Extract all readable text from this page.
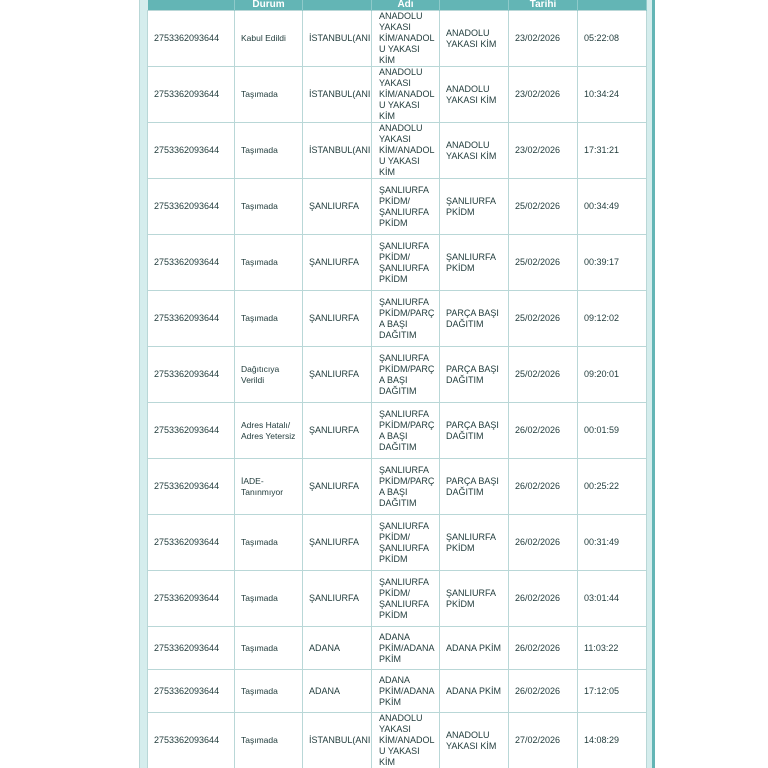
	Durum		Adı		Tarihi	
2753362093644	Kabul Edildi	İSTANBUL(ANI	ANADOLU YAKASI KİM/ANADOLU YAKASI KİM	ANADOLU YAKASI KİM	23/02/2026	05:22:08
2753362093644	Taşımada	İSTANBUL(ANI	ANADOLU YAKASI KİM/ANADOLU YAKASI KİM	ANADOLU YAKASI KİM	23/02/2026	10:34:24
2753362093644	Taşımada	İSTANBUL(ANI	ANADOLU YAKASI KİM/ANADOLU YAKASI KİM	ANADOLU YAKASI KİM	23/02/2026	17:31:21
2753362093644	Taşımada	ŞANLIURFA	ŞANLIURFA PKİDM/ ŞANLIURFA PKİDM	ŞANLIURFA PKİDM	25/02/2026	00:34:49
2753362093644	Taşımada	ŞANLIURFA	ŞANLIURFA PKİDM/ ŞANLIURFA PKİDM	ŞANLIURFA PKİDM	25/02/2026	00:39:17
2753362093644	Taşımada	ŞANLIURFA	ŞANLIURFA PKİDM/PARÇA BAŞI DAĞITIM	PARÇA BAŞI DAĞITIM	25/02/2026	09:12:02
2753362093644	Dağıtıcıya Verildi	ŞANLIURFA	ŞANLIURFA PKİDM/PARÇA BAŞI DAĞITIM	PARÇA BAŞI DAĞITIM	25/02/2026	09:20:01
2753362093644	Adres Hatalı/ Adres Yetersiz	ŞANLIURFA	ŞANLIURFA PKİDM/PARÇA BAŞI DAĞITIM	PARÇA BAŞI DAĞITIM	26/02/2026	00:01:59
2753362093644	İADE-Tanınmıyor	ŞANLIURFA	ŞANLIURFA PKİDM/PARÇA BAŞI DAĞITIM	PARÇA BAŞI DAĞITIM	26/02/2026	00:25:22
2753362093644	Taşımada	ŞANLIURFA	ŞANLIURFA PKİDM/ ŞANLIURFA PKİDM	ŞANLIURFA PKİDM	26/02/2026	00:31:49
2753362093644	Taşımada	ŞANLIURFA	ŞANLIURFA PKİDM/ ŞANLIURFA PKİDM	ŞANLIURFA PKİDM	26/02/2026	03:01:44
2753362093644	Taşımada	ADANA	ADANA PKİM/ADANA PKİM	ADANA PKİM	26/02/2026	11:03:22
2753362093644	Taşımada	ADANA	ADANA PKİM/ADANA PKİM	ADANA PKİM	26/02/2026	17:12:05
2753362093644	Taşımada	İSTANBUL(ANI	ANADOLU YAKASI KİM/ANADOLU YAKASI KİM	ANADOLU YAKASI KİM	27/02/2026	14:08:29
